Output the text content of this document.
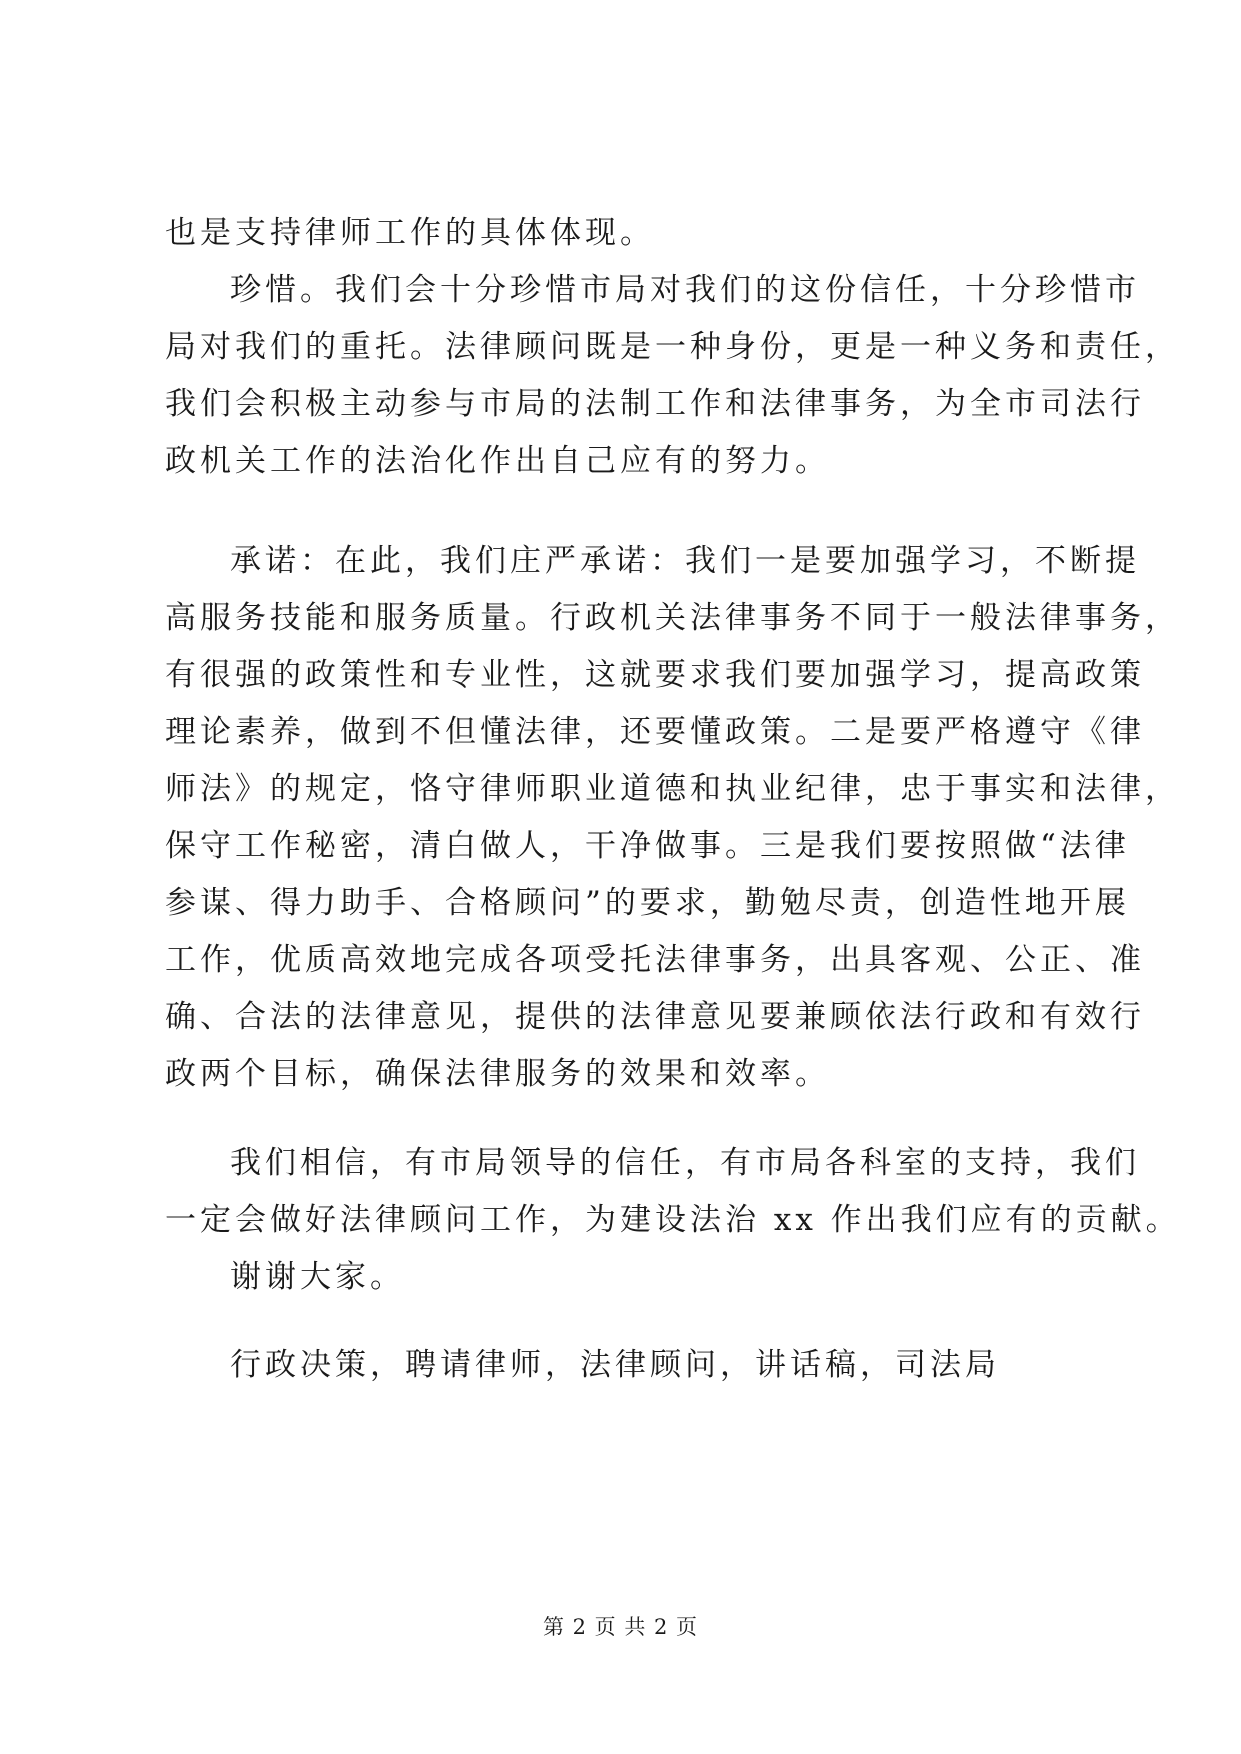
也是支持律师工作的具体体现。
珍惜。我们会十分珍惜市局对我们的这份信任，十分珍惜市
局对我们的重托。法律顾问既是一种身份，更是一种义务和责任，
我们会积极主动参与市局的法制工作和法律事务，为全市司法行
政机关工作的法治化作出自己应有的努力。
承诺：在此，我们庄严承诺：我们一是要加强学习，不断提
高服务技能和服务质量。行政机关法律事务不同于一般法律事务，
有很强的政策性和专业性，这就要求我们要加强学习，提高政策
理论素养，做到不但懂法律，还要懂政策。二是要严格遵守《律
师法》的规定，恪守律师职业道德和执业纪律，忠于事实和法律，
保守工作秘密，清白做人，干净做事。三是我们要按照做“法律
参谋、得力助手、合格顾问”的要求，勤勉尽责，创造性地开展
工作，优质高效地完成各项受托法律事务，出具客观、公正、准
确、合法的法律意见，提供的法律意见要兼顾依法行政和有效行
政两个目标，确保法律服务的效果和效率。
我们相信，有市局领导的信任，有市局各科室的支持，我们
一定会做好法律顾问工作，为建设法治 xx 作出我们应有的贡献。
谢谢大家。
行政决策，聘请律师，法律顾问，讲话稿，司法局
第 2 页 共 2 页
